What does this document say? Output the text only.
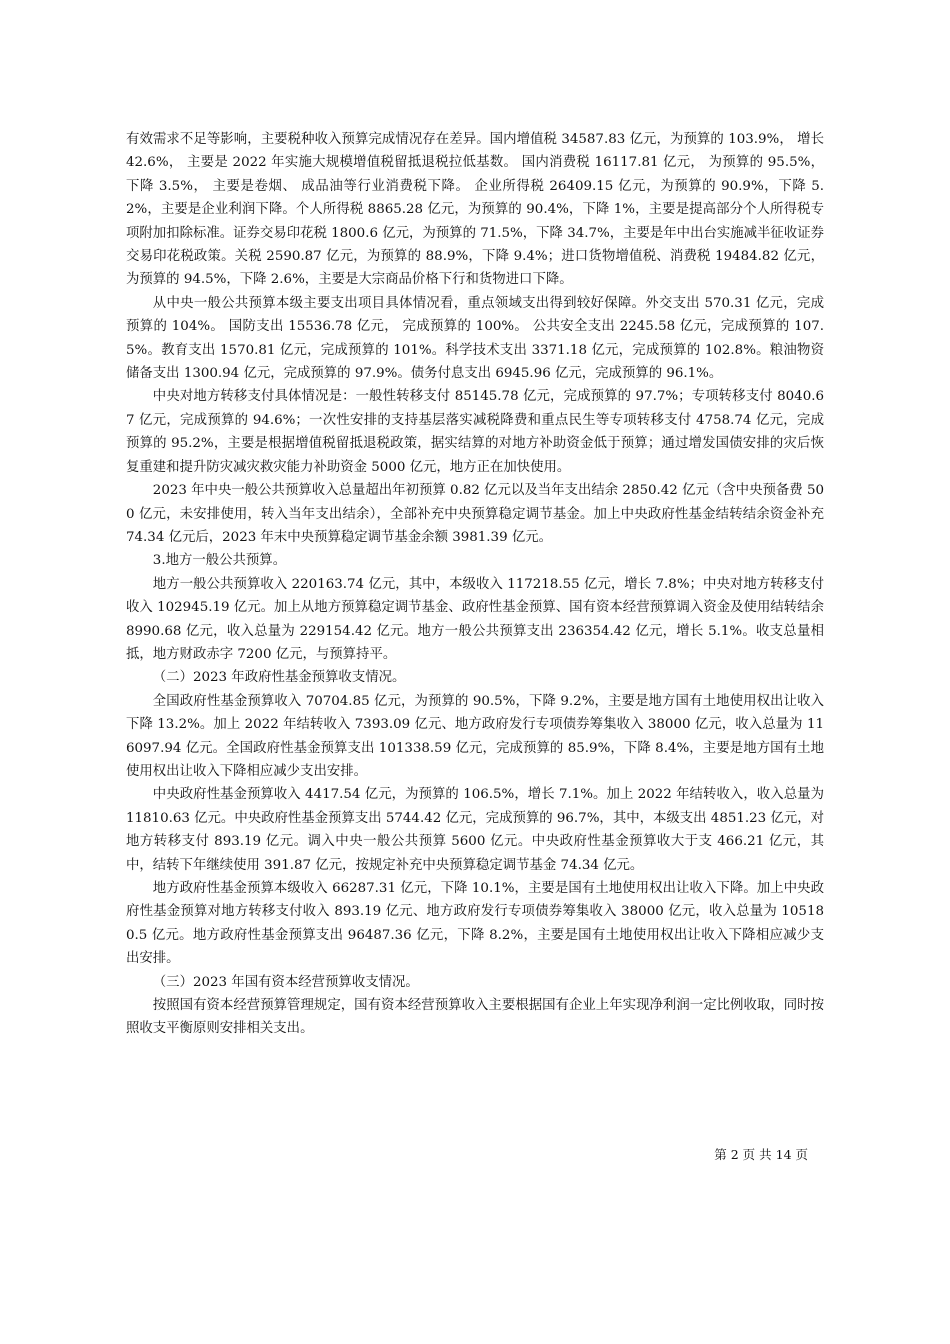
有效需求不足等影响，主要税种收入预算完成情况存在差异。国内增值税 34587.83 亿元，为预算的 103.9%， 增长 42.6%， 主要是 2022 年实施大规模增值税留抵退税拉低基数。 国内消费税 16117.81 亿元， 为预算的 95.5%， 下降 3.5%， 主要是卷烟、 成品油等行业消费税下降。 企业所得税 26409.15 亿元，为预算的 90.9%，下降 5.2%，主要是企业利润下降。个人所得税 8865.28 亿元，为预算的 90.4%，下降 1%，主要是提高部分个人所得税专项附加扣除标准。证券交易印花税 1800.6 亿元，为预算的 71.5%，下降 34.7%，主要是年中出台实施减半征收证券交易印花税政策。关税 2590.87 亿元，为预算的 88.9%，下降 9.4%；进口货物增值税、消费税 19484.82 亿元，为预算的 94.5%，下降 2.6%，主要是大宗商品价格下行和货物进口下降。

从中央一般公共预算本级主要支出项目具体情况看，重点领域支出得到较好保障。外交支出 570.31 亿元，完成预算的 104%。 国防支出 15536.78 亿元， 完成预算的 100%。 公共安全支出 2245.58 亿元，完成预算的 107.5%。教育支出 1570.81 亿元，完成预算的 101%。科学技术支出 3371.18 亿元，完成预算的 102.8%。粮油物资储备支出 1300.94 亿元，完成预算的 97.9%。债务付息支出 6945.96 亿元，完成预算的 96.1%。

中央对地方转移支付具体情况是：一般性转移支付 85145.78 亿元，完成预算的 97.7%；专项转移支付 8040.67 亿元，完成预算的 94.6%；一次性安排的支持基层落实减税降费和重点民生等专项转移支付 4758.74 亿元，完成预算的 95.2%，主要是根据增值税留抵退税政策，据实结算的对地方补助资金低于预算；通过增发国债安排的灾后恢复重建和提升防灾减灾救灾能力补助资金 5000 亿元，地方正在加快使用。

2023 年中央一般公共预算收入总量超出年初预算 0.82 亿元以及当年支出结余 2850.42 亿元（含中央预备费 500 亿元，未安排使用，转入当年支出结余），全部补充中央预算稳定调节基金。加上中央政府性基金结转结余资金补充 74.34 亿元后，2023 年末中央预算稳定调节基金余额 3981.39 亿元。

3.地方一般公共预算。

地方一般公共预算收入 220163.74 亿元，其中，本级收入 117218.55 亿元，增长 7.8%；中央对地方转移支付收入 102945.19 亿元。加上从地方预算稳定调节基金、政府性基金预算、国有资本经营预算调入资金及使用结转结余 8990.68 亿元，收入总量为 229154.42 亿元。地方一般公共预算支出 236354.42 亿元，增长 5.1%。收支总量相抵，地方财政赤字 7200 亿元，与预算持平。

（二）2023 年政府性基金预算收支情况。

全国政府性基金预算收入 70704.85 亿元，为预算的 90.5%，下降 9.2%，主要是地方国有土地使用权出让收入下降 13.2%。加上 2022 年结转收入 7393.09 亿元、地方政府发行专项债券筹集收入 38000 亿元，收入总量为 116097.94 亿元。全国政府性基金预算支出 101338.59 亿元，完成预算的 85.9%，下降 8.4%，主要是地方国有土地使用权出让收入下降相应减少支出安排。

中央政府性基金预算收入 4417.54 亿元，为预算的 106.5%，增长 7.1%。加上 2022 年结转收入，收入总量为 11810.63 亿元。中央政府性基金预算支出 5744.42 亿元，完成预算的 96.7%，其中，本级支出 4851.23 亿元，对地方转移支付 893.19 亿元。调入中央一般公共预算 5600 亿元。中央政府性基金预算收大于支 466.21 亿元，其中，结转下年继续使用 391.87 亿元，按规定补充中央预算稳定调节基金 74.34 亿元。

地方政府性基金预算本级收入 66287.31 亿元，下降 10.1%，主要是国有土地使用权出让收入下降。加上中央政府性基金预算对地方转移支付收入 893.19 亿元、地方政府发行专项债券筹集收入 38000 亿元，收入总量为 105180.5 亿元。地方政府性基金预算支出 96487.36 亿元，下降 8.2%，主要是国有土地使用权出让收入下降相应减少支出安排。

（三）2023 年国有资本经营预算收支情况。

按照国有资本经营预算管理规定，国有资本经营预算收入主要根据国有企业上年实现净利润一定比例收取，同时按照收支平衡原则安排相关支出。

第 2 页 共 14 页
